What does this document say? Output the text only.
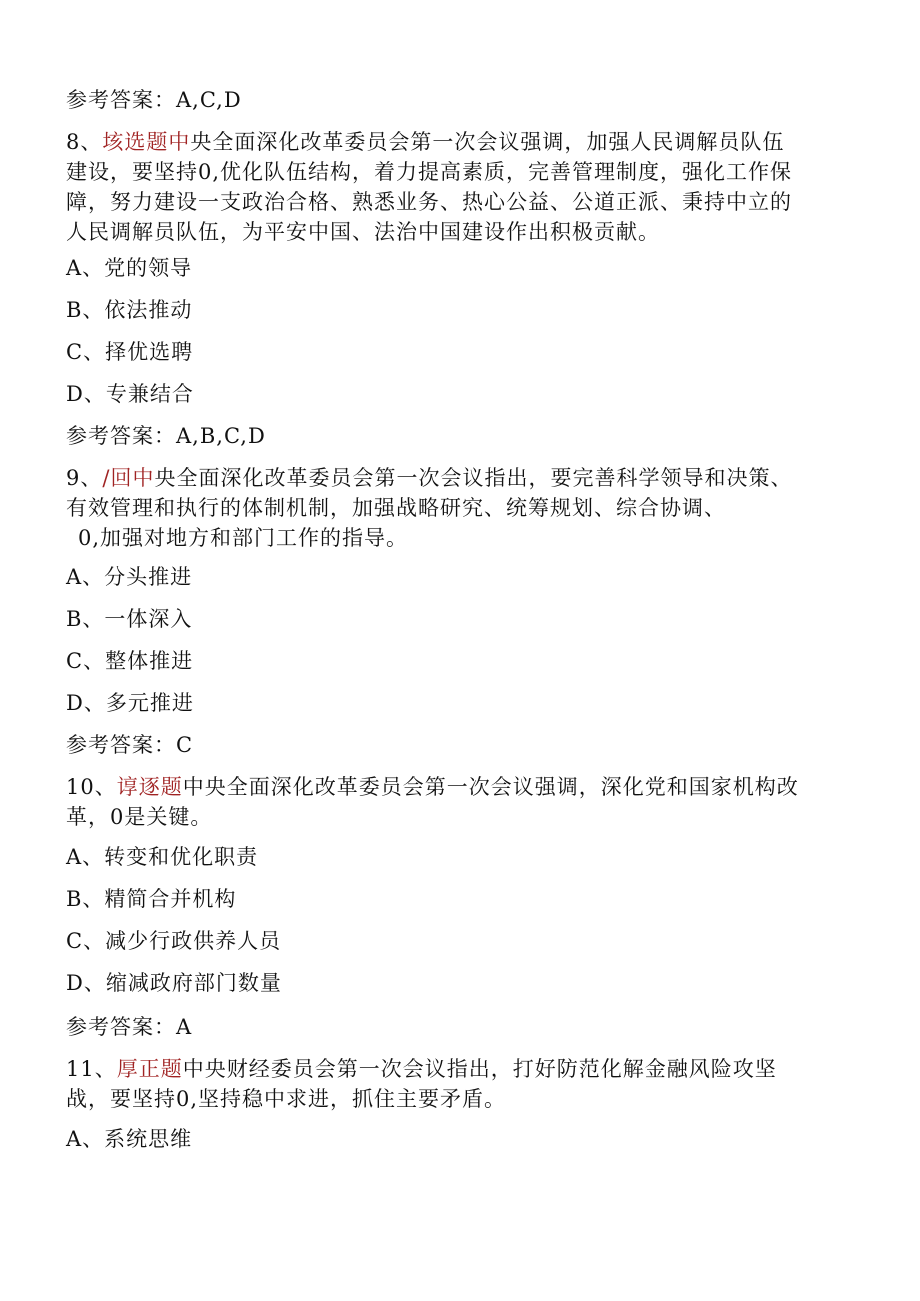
参考答案：A,C,D
8、垓选题中央全面深化改革委员会第一次会议强调，加强人民调解员队伍
建设，要坚持0,优化队伍结构，着力提高素质，完善管理制度，强化工作保
障，努力建设一支政治合格、熟悉业务、热心公益、公道正派、秉持中立的
人民调解员队伍，为平安中国、法治中国建设作出积极贡献。
A、党的领导
B、依法推动
C、择优选聘
D、专兼结合
参考答案：A,B,C,D
9、/回中央全面深化改革委员会第一次会议指出，要完善科学领导和决策、
有效管理和执行的体制机制，加强战略研究、统筹规划、综合协调、
0,加强对地方和部门工作的指导。
A、分头推进
B、一体深入
C、整体推进
D、多元推进
参考答案：C
10、谆逐题中央全面深化改革委员会第一次会议强调，深化党和国家机构改
革，0是关键。
A、转变和优化职责
B、精简合并机构
C、减少行政供养人员
D、缩减政府部门数量
参考答案：A
11、厚正题中央财经委员会第一次会议指出，打好防范化解金融风险攻坚
战，要坚持0,坚持稳中求进，抓住主要矛盾。
A、系统思维
